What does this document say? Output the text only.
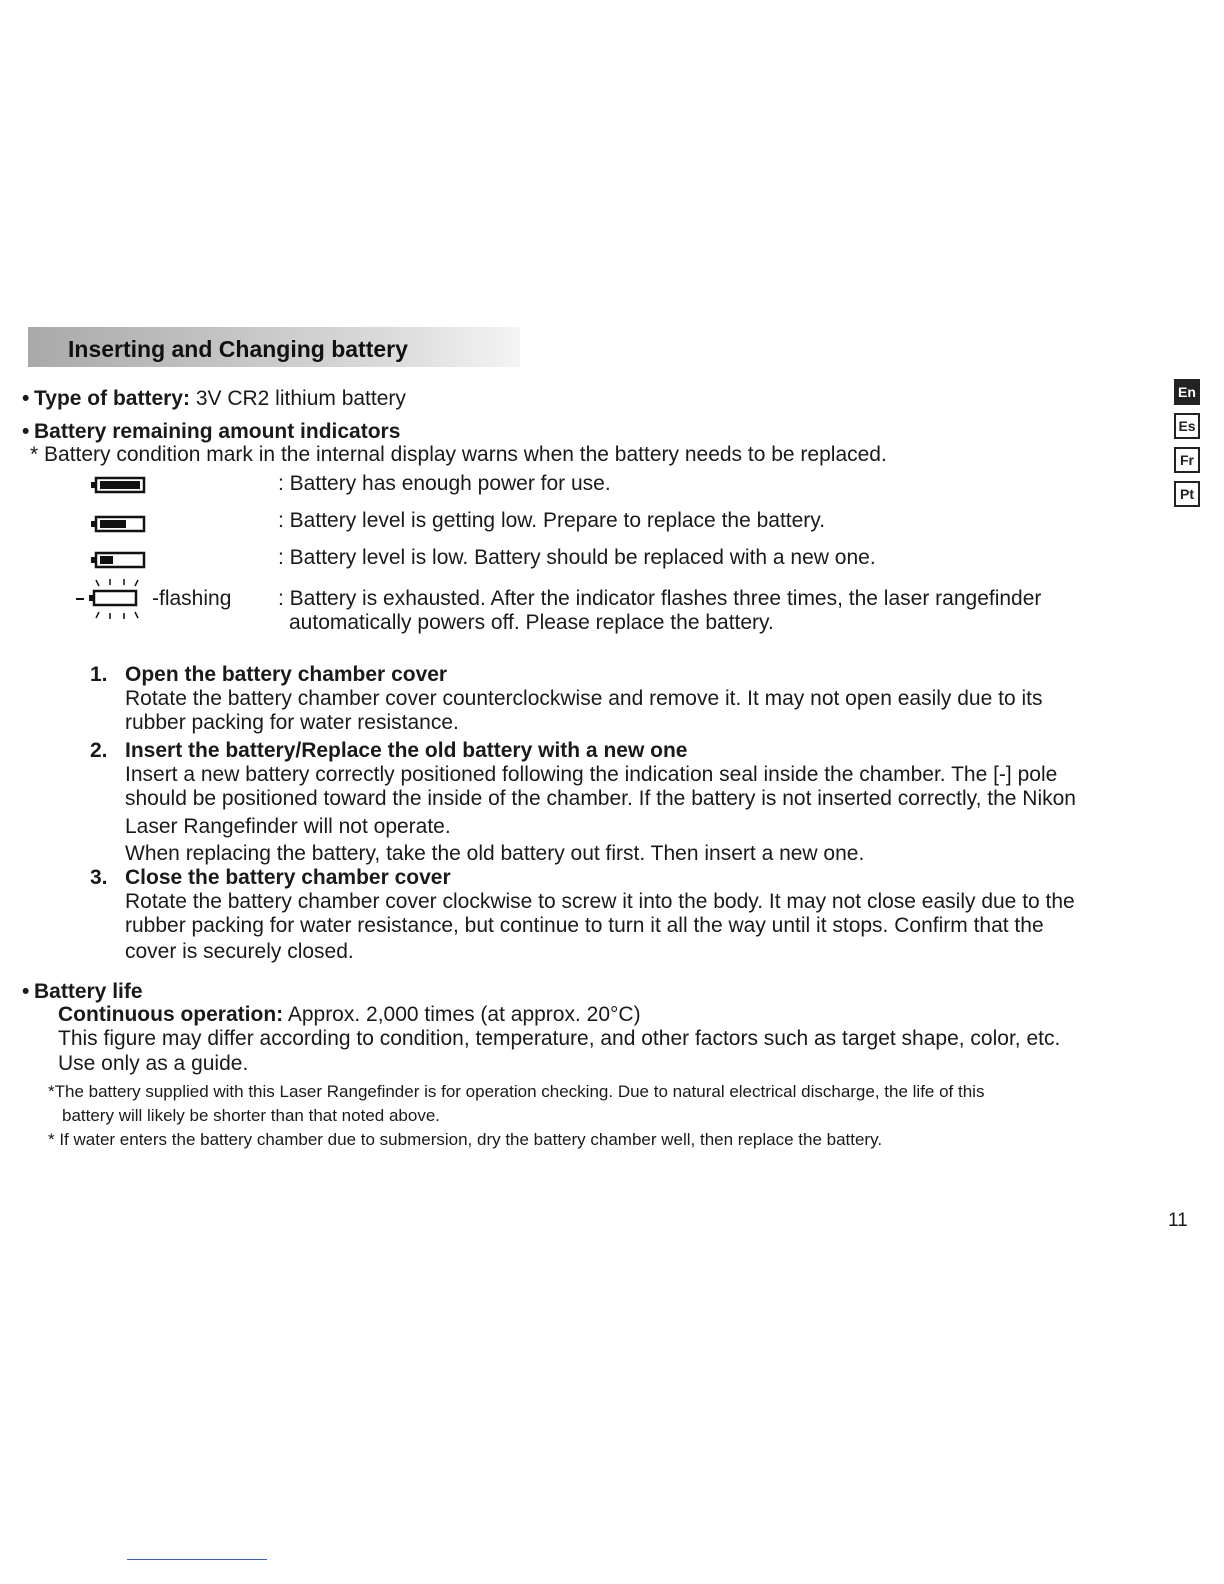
Inserting and Changing battery
En
Es
Fr
Pt
• Type of battery: 3V CR2 lithium battery
• Battery remaining amount indicators
* Battery condition mark in the internal display warns when the battery needs to be replaced.
: Battery has enough power for use.
: Battery level is getting low. Prepare to replace the battery.
: Battery level is low. Battery should be replaced with a new one.
-flashing : Battery is exhausted. After the indicator flashes three times, the laser rangefinder
automatically powers off. Please replace the battery.
1. Open the battery chamber cover
Rotate the battery chamber cover counterclockwise and remove it. It may not open easily due to its
rubber packing for water resistance.
2. Insert the battery/Replace the old battery with a new one
Insert a new battery correctly positioned following the indication seal inside the chamber. The [-] pole
should be positioned toward the inside of the chamber. If the battery is not inserted correctly, the Nikon
Laser Rangefinder will not operate.
When replacing the battery, take the old battery out first. Then insert a new one.
3. Close the battery chamber cover
Rotate the battery chamber cover clockwise to screw it into the body. It may not close easily due to the
rubber packing for water resistance, but continue to turn it all the way until it stops. Confirm that the
cover is securely closed.
• Battery life
Continuous operation: Approx. 2,000 times (at approx. 20°C)
This figure may differ according to condition, temperature, and other factors such as target shape, color, etc.
Use only as a guide.
*The battery supplied with this Laser Rangefinder is for operation checking. Due to natural electrical discharge, the life of this
battery will likely be shorter than that noted above.
* If water enters the battery chamber due to submersion, dry the battery chamber well, then replace the battery.
11
